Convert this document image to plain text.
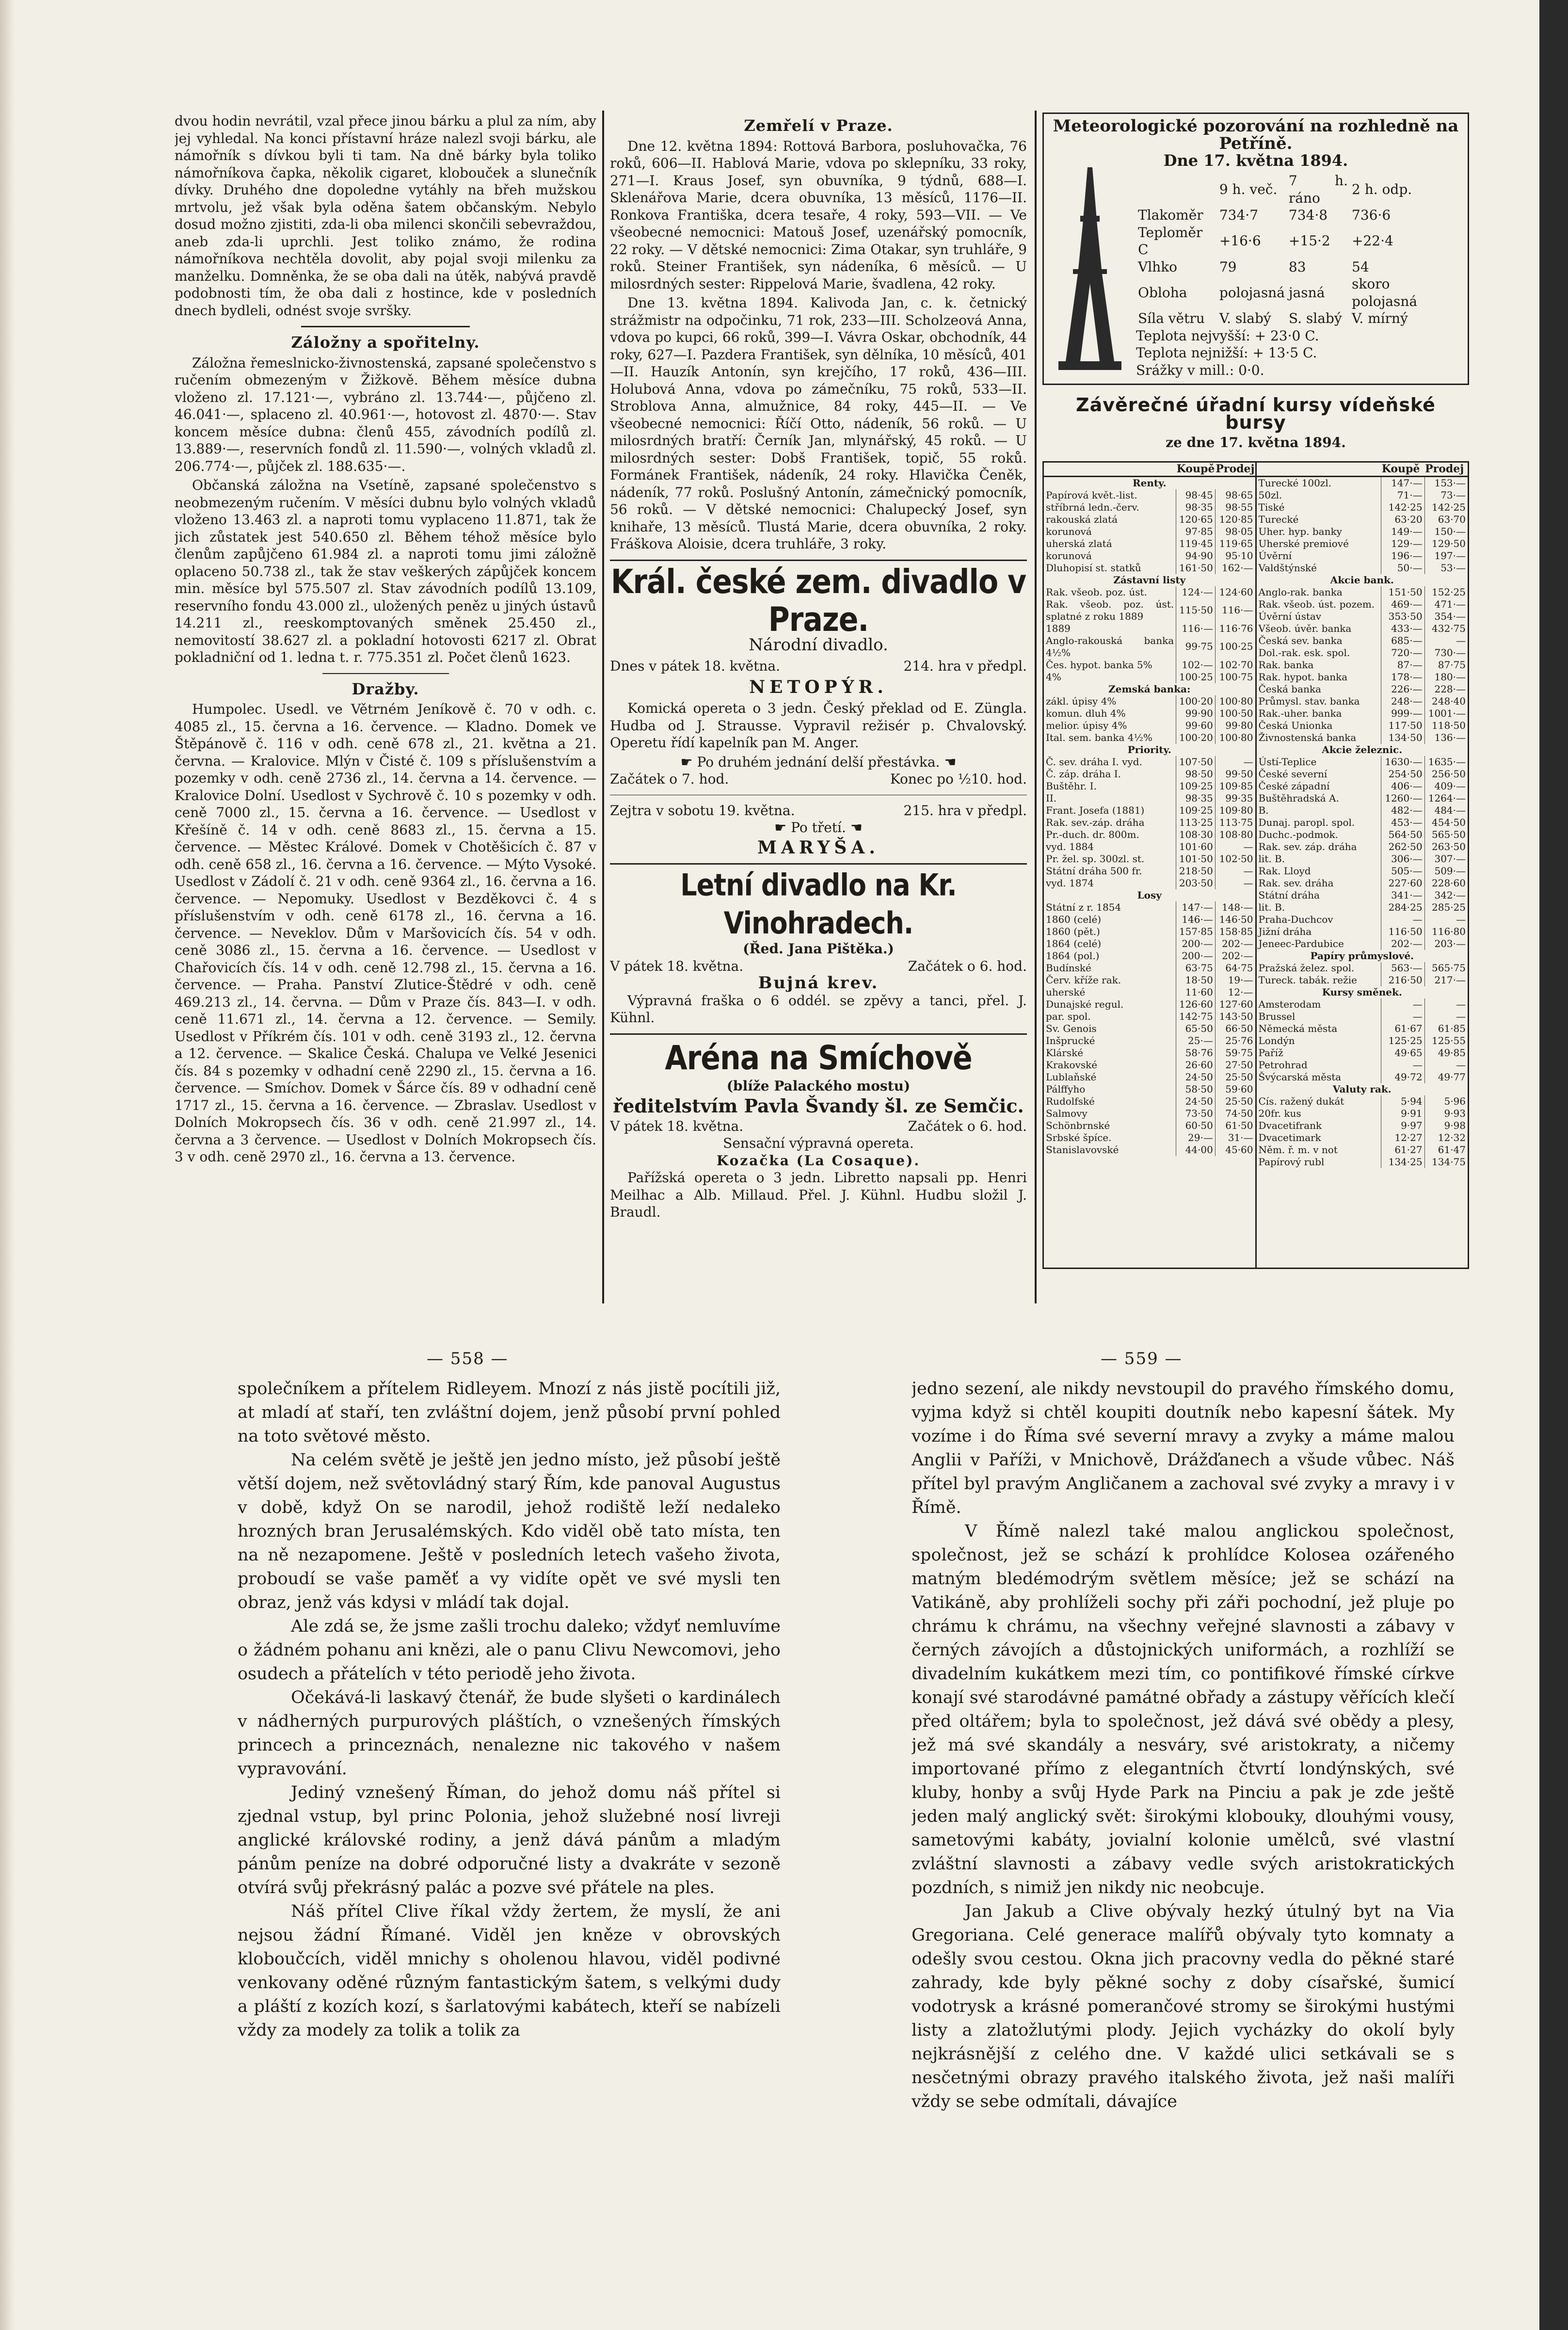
dvou hodin nevrátil, vzal přece jinou bárku a plul za ním, aby jej vyhledal. Na konci přístavní hráze nalezl svoji bárku, ale námořník s dívkou byli ti tam. Na dně bárky byla toliko námořníkova čapka, několik cigaret, klobouček a slunečník dívky. Druhého dne dopoledne vytáhly na břeh mužskou mrtvolu, jež však byla oděna šatem občanským. Nebylo dosud možno zjistiti, zda-li oba milenci skončili sebevraždou, aneb zda-li uprchli. Jest toliko známo, že rodina námořníkova nechtěla dovolit, aby pojal svoji milenku za manželku. Domněnka, že se oba dali na útěk, nabývá pravdě podobnosti tím, že oba dali z hostince, kde v posledních dnech bydleli, odnést svoje svršky.

Záložny a spořitelny.

Záložna řemeslnicko-živnostenská, zapsané společenstvo s ručením obmezeným v Žižkově. Během měsíce dubna vloženo zl. 17.121·—, vybráno zl. 13.744·—, půjčeno zl. 46.041·—, splaceno zl. 40.961·—, hotovost zl. 4870·—. Stav koncem měsíce dubna: členů 455, závodních podílů zl. 13.889·—, reservních fondů zl. 11.590·—, volných vkladů zl. 206.774·—, půjček zl. 188.635·—.

Občanská záložna na Vsetíně, zapsané společenstvo s neobmezeným ručením. V měsíci dubnu bylo volných vkladů vloženo 13.463 zl. a naproti tomu vyplaceno 11.871, tak že jich zůstatek jest 540.650 zl. Během téhož měsíce bylo členům zapůjčeno 61.984 zl. a naproti tomu jimi záložně oplaceno 50.738 zl., tak že stav veškerých zápůjček koncem min. měsíce byl 575.507 zl. Stav závodních podílů 13.109, reservního fondu 43.000 zl., uložených peněz u jiných ústavů 14.211 zl., reeskomptovaných směnek 25.450 zl., nemovitostí 38.627 zl. a pokladní hotovosti 6217 zl. Obrat pokladniční od 1. ledna t. r. 775.351 zl. Počet členů 1623.

Dražby.

Humpolec. Usedl. ve Větrném Jeníkově č. 70 v odh. c. 4085 zl., 15. června a 16. července. — Kladno. Domek ve Štěpánově č. 116 v odh. ceně 678 zl., 21. května a 21. června. — Kralovice. Mlýn v Čisté č. 109 s příslušenstvím a pozemky v odh. ceně 2736 zl., 14. června a 14. července. — Kralovice Dolní. Usedlost v Sychrově č. 10 s pozemky v odh. ceně 7000 zl., 15. června a 16. července. — Usedlost v Křešíně č. 14 v odh. ceně 8683 zl., 15. června a 15. července. — Městec Králové. Domek v Chotěšicích č. 87 v odh. ceně 658 zl., 16. června a 16. července. — Mýto Vysoké. Usedlost v Zádolí č. 21 v odh. ceně 9364 zl., 16. června a 16. července. — Nepomuky. Usedlost v Bezděkovci č. 4 s příslušenstvím v odh. ceně 6178 zl., 16. června a 16. července. — Neveklov. Dům v Maršovicích čís. 54 v odh. ceně 3086 zl., 15. června a 16. července. — Usedlost v Chařovicích čís. 14 v odh. ceně 12.798 zl., 15. června a 16. července. — Praha. Panství Zlutice-Štědré v odh. ceně 469.213 zl., 14. června. — Dům v Praze čís. 843—I. v odh. ceně 11.671 zl., 14. června a 12. července. — Semily. Usedlost v Příkrém čís. 101 v odh. ceně 3193 zl., 12. června a 12. července. — Skalice Česká. Chalupa ve Velké Jesenici čís. 84 s pozemky v odhadní ceně 2290 zl., 15. června a 16. července. — Smíchov. Domek v Šárce čís. 89 v odhadní ceně 1717 zl., 15. června a 16. července. — Zbraslav. Usedlost v Dolních Mokropsech čís. 36 v odh. ceně 21.997 zl., 14. června a 3 července. — Usedlost v Dolních Mokropsech čís. 3 v odh. ceně 2970 zl., 16. června a 13. července.

Zemřelí v Praze.

Dne 12. května 1894: Rottová Barbora, posluhovačka, 76 roků, 606—II. Hablová Marie, vdova po sklepníku, 33 roky, 271—I. Kraus Josef, syn obuvníka, 9 týdnů, 688—I. Sklenářova Marie, dcera obuvníka, 13 měsíců, 1176—II. Ronkova Františka, dcera tesaře, 4 roky, 593—VII. — Ve všeobecné nemocnici: Matouš Josef, uzenářský pomocník, 22 roky. — V dětské nemocnici: Zima Otakar, syn truhláře, 9 roků. Steiner František, syn nádeníka, 6 měsíců. — U milosrdných sester: Rippelová Marie, švadlena, 42 roky.

Dne 13. května 1894. Kalivoda Jan, c. k. četnický strážmistr na odpočinku, 71 rok, 233—III. Scholzeová Anna, vdova po kupci, 66 roků, 399—I. Vávra Oskar, obchodník, 44 roky, 627—I. Pazdera František, syn dělníka, 10 měsíců, 401—II. Hauzík Antonín, syn krejčího, 17 roků, 436—III. Holubová Anna, vdova po zámečníku, 75 roků, 533—II. Stroblova Anna, almužnice, 84 roky, 445—II. — Ve všeobecné nemocnici: Říčí Otto, nádeník, 56 roků. — U milosrdných bratří: Černík Jan, mlynářský, 45 roků. — U milosrdných sester: Dobš František, topič, 55 roků. Formánek František, nádeník, 24 roky. Hlavička Čeněk, nádeník, 77 roků. Poslušný Antonín, zámečnický pomocník, 56 roků. — V dětské nemocnici: Chalupecký Josef, syn knihaře, 13 měsíců. Tlustá Marie, dcera obuvníka, 2 roky. Fráškova Aloisie, dcera truhláře, 3 roky.

Král. české zem. divadlo v Praze.
Národní divadlo.
Dnes v pátek 18. května.	214. hra v předpl.
NETOPÝR.

Komická opereta o 3 jedn. Český překlad od E. Züngla. Hudba od J. Strausse. Vypravil režisér p. Chvalovský. Operetu řídí kapelník pan M. Anger.

☛ Po druhém jednání delší přestávka. ☚
Začátek o 7. hod.	Konec po ½10. hod.
Zejtra v sobotu 19. května.	215. hra v předpl.
☛ Po třetí. ☚
MARYŠA.
Letní divadlo na Kr. Vinohradech.
(Řed. Jana Pištěka.)
V pátek 18. května.	Začátek o 6. hod.
Bujná krev.

Výpravná fraška o 6 oddél. se zpěvy a tanci, přel. J. Kühnl.

Aréna na Smíchově
(blíže Palackého mostu)
ředitelstvím Pavla Švandy šl. ze Semčic.
V pátek 18. května.	Začátek o 6. hod.
Sensační výpravná opereta.
Kozačka (La Cosaque).

Pařížská opereta o 3 jedn. Libretto napsali pp. Henri Meilhac a Alb. Millaud. Přel. J. Kühnl. Hudbu složil J. Braudl.

Meteorologické pozorování na rozhledně na Petříně.
Dne 17. května 1894.
	9 h. več.	7 h. ráno	2 h. odp.
Tlakoměr	734·7	734·8	736·6
Teploměr C	+16·6	+15·2	+22·4
Vlhko	79	83	54
Obloha	polojasná	jasná	skoro polojasná
Síla větru	V. slabý	S. slabý	V. mírný
Teplota nejvyšší: + 23·0 C.
Teplota nejnižší: + 13·5 C.
Srážky v mill.: 0·0.
Závěrečné úřadní kursy vídeňské bursy
ze dne 17. května 1894.
	Koupě	Prodej
Renty.		
Papírová květ.-list.	98·45	98·65
stříbrná ledn.-červ.	98·35	98·55
rakouská zlatá	120·65	120·85
korunová	97·85	98·05
uherská zlatá	119·45	119·65
korunová	94·90	95·10
Dluhopisí st. statků	161·50	162·—
Zástavní listy		
Rak. všeob. poz. úst.	124·—	124·60
Rak. všeob. poz. úst. splatné z roku 1889	115·50	116·—
1889	116·—	116·76
Anglo-rakouská banka 4½%	99·75	100·25
Čes. hypot. banka 5%	102·—	102·70
4%	100·25	100·75
Zemská banka:		
zákl. úpisy 4%	100·20	100·80
komun. dluh 4%	99·90	100·50
melior. úpisy 4%	99·60	99·80
Ital. sem. banka 4½%	100·20	100·80
Priority.		
Č. sev. dráha I. vyd.	107·50	—
Č. záp. dráha I.	98·50	99·50
Buštěhr. I.	109·25	109·85
II.	98·35	99·35
Frant. Josefa (1881)	109·25	109·80
Rak. sev.-záp. dráha	113·25	113·75
Pr.-duch. dr. 800m.	108·30	108·80
vyd. 1884	101·60	—
Pr. žel. sp. 300zl. st.	101·50	102·50
Státní dráha 500 fr.	218·50	—
vyd. 1874	203·50	—
Losy		
Státní z r. 1854	147·—	148·—
1860 (celé)	146·—	146·50
1860 (pět.)	157·85	158·85
1864 (celé)	200·—	202·—
1864 (pol.)	200·—	202·—
Budínské	63·75	64·75
Červ. kříže rak.	18·50	19·—
uherské	11·60	12·—
Dunajské regul.	126·60	127·60
par. spol.	142·75	143·50
Sv. Genois	65·50	66·50
Inšprucké	25·—	25·76
Klárské	58·76	59·75
Krakovské	26·60	27·50
Lublaňské	24·50	25·50
Pálffyho	58·50	59·60
Rudolfské	24·50	25·50
Salmovy	73·50	74·50
Schönbrnské	60·50	61·50
Srbské špíce.	29·—	31·—
Stanislavovské	44·00	45·60
	Koupě	Prodej
Turecké 100zl.	147·—	153·—
50zl.	71·—	73·—
Tiské	142·25	142·25
Turecké	63·20	63·70
Uher. hyp. banky	149·—	150·—
Uherské premiové	129·—	129·50
Úvěrní	196·—	197·—
Valdštýnské	50·—	53·—
Akcie bank.		
Anglo-rak. banka	151·50	152·25
Rak. všeob. úst. pozem.	469·—	471·—
Úvěrní ústav	353·50	354·—
Všeob. úvěr. banka	433·—	432·75
Česká sev. banka	685·—	—
Dol.-rak. esk. spol.	720·—	730·—
Rak. banka	87·—	87·75
Rak. hypot. banka	178·—	180·—
Česká banka	226·—	228·—
Průmysl. stav. banka	248·—	248·40
Rak.-uher. banka	999·—	1001·—
Česká Unionka	117·50	118·50
Živnostenská banka	134·50	136·—
Akcie železnic.		
Ústí-Teplice	1630·—	1635·—
České severní	254·50	256·50
České západní	406·—	409·—
Buštěhradská A.	1260·—	1264·—
B.	482·—	484·—
Dunaj. paropl. spol.	453·—	454·50
Duchc.-podmok.	564·50	565·50
Rak. sev. záp. dráha	262·50	263·50
lit. B.	306·—	307·—
Rak. Lloyd	505·—	509·—
Rak. sev. dráha	227·60	228·60
Státní dráha	341·—	342·—
lit. B.	284·25	285·25
Praha-Duchcov	—	—
Jižní dráha	116·50	116·80
Jeneec-Pardubice	202·—	203·—
Papíry průmyslové.		
Pražská želez. spol.	563·—	565·75
Tureck. tabák. režie	216·50	217·—
Kursy směnek.		
Amsterodam	—	—
Brussel	—	—
Německá města	61·67	61·85
Londýn	125·25	125·55
Paříž	49·65	49·85
Petrohrad	—	—
Švýcarská města	49·72	49·77
Valuty rak.		
Cís. ražený dukát	5·94	5·96
20fr. kus	9·91	9·93
Dvacetifrank	9·97	9·98
Dvacetimark	12·27	12·32
Něm. ř. m. v not	61·27	61·47
Papírový rubl	134·25	134·75
— 558 —	— 559 —

společníkem a přítelem Ridleyem. Mnozí z nás jistě pocítili již, at mladí ať staří, ten zvláštní dojem, jenž působí první pohled na toto světové město.

Na celém světě je ještě jen jedno místo, jež působí ještě větší dojem, než světovládný starý Řím, kde panoval Augustus v době, když On se narodil, jehož rodiště leží nedaleko hrozných bran Jerusalémských. Kdo viděl obě tato místa, ten na ně nezapomene. Ještě v posledních letech vašeho života, proboudí se vaše paměť a vy vidíte opět ve své mysli ten obraz, jenž vás kdysi v mládí tak dojal.

Ale zdá se, že jsme zašli trochu daleko; vždyť nemluvíme o žádném pohanu ani knězi, ale o panu Clivu Newcomovi, jeho osudech a přátelích v této periodě jeho života.

Očekává-li laskavý čtenář, že bude slyšeti o kardinálech v nádherných purpurových pláštích, o vznešených římských princech a princeznách, nenalezne nic takového v našem vypravování.

Jediný vznešený Říman, do jehož domu náš přítel si zjednal vstup, byl princ Polonia, jehož služebné nosí livreji anglické královské rodiny, a jenž dává pánům a mladým pánům peníze na dobré odporučné listy a dvakráte v sezoně otvírá svůj překrásný palác a pozve své přátele na ples.

Náš přítel Clive říkal vždy žertem, že myslí, že ani nejsou žádní Římané. Viděl jen kněze v obrovských kloboučcích, viděl mnichy s oholenou hlavou, viděl podivné venkovany oděné různým fantastickým šatem, s velkými dudy a pláští z kozích kozí, s šarlatovými kabátech, kteří se nabízeli vždy za modely za tolik a tolik za

jedno sezení, ale nikdy nevstoupil do pravého římského domu, vyjma když si chtěl koupiti doutník nebo kapesní šátek. My vozíme i do Říma své severní mravy a zvyky a máme malou Anglii v Paříži, v Mnichově, Drážďanech a všude vůbec. Náš přítel byl pravým Angličanem a zachoval své zvyky a mravy i v Římě.

V Římě nalezl také malou anglickou společnost, společnost, jež se schází k prohlídce Kolosea ozářeného matným bledémodrým světlem měsíce; jež se schází na Vatikáně, aby prohlíželi sochy při záři pochodní, jež pluje po chrámu k chrámu, na všechny veřejné slavnosti a zábavy v černých závojích a důstojnických uniformách, a rozhlíží se divadelním kukátkem mezi tím, co pontifikové římské církve konají své starodávné památné obřady a zástupy věřících klečí před oltářem; byla to společnost, jež dává své obědy a plesy, jež má své skandály a nesváry, své aristokraty, a ničemy importované přímo z elegantních čtvrtí londýnských, své kluby, honby a svůj Hyde Park na Pinciu a pak je zde ještě jeden malý anglický svět: širokými klobouky, dlouhými vousy, sametovými kabáty, jovialní kolonie umělců, své vlastní zvláštní slavnosti a zábavy vedle svých aristokratických pozdních, s nimiž jen nikdy nic neobcuje.

Jan Jakub a Clive obývaly hezký útulný byt na Via Gregoriana. Celé generace malířů obývaly tyto komnaty a odešly svou cestou. Okna jich pracovny vedla do pěkné staré zahrady, kde byly pěkné sochy z doby císařské, šumicí vodotrysk a krásné pomerančové stromy se širokými hustými listy a zlatožlutými plody. Jejich vycházky do okolí byly nejkrásnější z celého dne. V každé ulici setkávali se s nesčetnými obrazy pravého italského života, jež naši malíři vždy se sebe odmítali, dávajíce
